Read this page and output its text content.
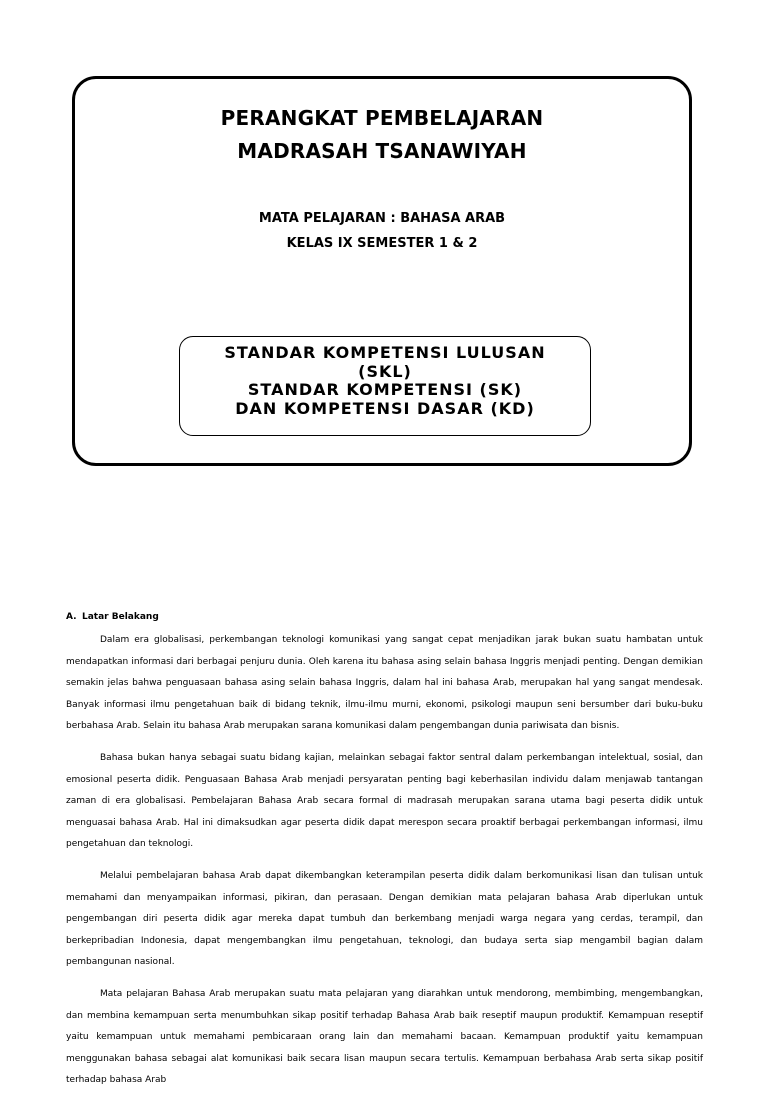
PERANGKAT PEMBELAJARAN
MADRASAH TSANAWIYAH
MATA PELAJARAN : BAHASA ARAB
KELAS IX SEMESTER 1 & 2
STANDAR KOMPETENSI LULUSAN
(SKL)
STANDAR KOMPETENSI (SK)
DAN KOMPETENSI DASAR (KD)
A. Latar Belakang

Dalam era globalisasi, perkembangan teknologi komunikasi yang sangat cepat menjadikan jarak bukan suatu hambatan untuk mendapatkan informasi dari berbagai penjuru dunia. Oleh karena itu bahasa asing selain bahasa Inggris menjadi penting. Dengan demikian semakin jelas bahwa penguasaan bahasa asing selain bahasa Inggris, dalam hal ini bahasa Arab, merupakan hal yang sangat mendesak. Banyak informasi ilmu pengetahuan baik di bidang teknik, ilmu-ilmu murni, ekonomi, psikologi maupun seni bersumber dari buku-buku berbahasa Arab. Selain itu bahasa Arab merupakan sarana komunikasi dalam pengembangan dunia pariwisata dan bisnis.

Bahasa bukan hanya sebagai suatu bidang kajian, melainkan sebagai faktor sentral dalam perkembangan intelektual, sosial, dan emosional peserta didik. Penguasaan Bahasa Arab menjadi persyaratan penting bagi keberhasilan individu dalam menjawab tantangan zaman di era globalisasi. Pembelajaran Bahasa Arab secara formal di madrasah merupakan sarana utama bagi peserta didik untuk menguasai bahasa Arab. Hal ini dimaksudkan agar peserta didik dapat merespon secara proaktif berbagai perkembangan informasi, ilmu pengetahuan dan teknologi.

Melalui pembelajaran bahasa Arab dapat dikembangkan keterampilan peserta didik dalam berkomunikasi lisan dan tulisan untuk memahami dan menyampaikan informasi, pikiran, dan perasaan. Dengan demikian mata pelajaran bahasa Arab diperlukan untuk pengembangan diri peserta didik agar mereka dapat tumbuh dan berkembang menjadi warga negara yang cerdas, terampil, dan berkepribadian Indonesia, dapat mengembangkan ilmu pengetahuan, teknologi, dan budaya serta siap mengambil bagian dalam pembangunan nasional.

Mata pelajaran Bahasa Arab merupakan suatu mata pelajaran yang diarahkan untuk mendorong, membimbing, mengembangkan, dan membina kemampuan serta menumbuhkan sikap positif terhadap Bahasa Arab baik reseptif maupun produktif. Kemampuan reseptif yaitu kemampuan untuk memahami pembicaraan orang lain dan memahami bacaan. Kemampuan produktif yaitu kemampuan menggunakan bahasa sebagai alat komunikasi baik secara lisan maupun secara tertulis. Kemampuan berbahasa Arab serta sikap positif terhadap bahasa Arab
